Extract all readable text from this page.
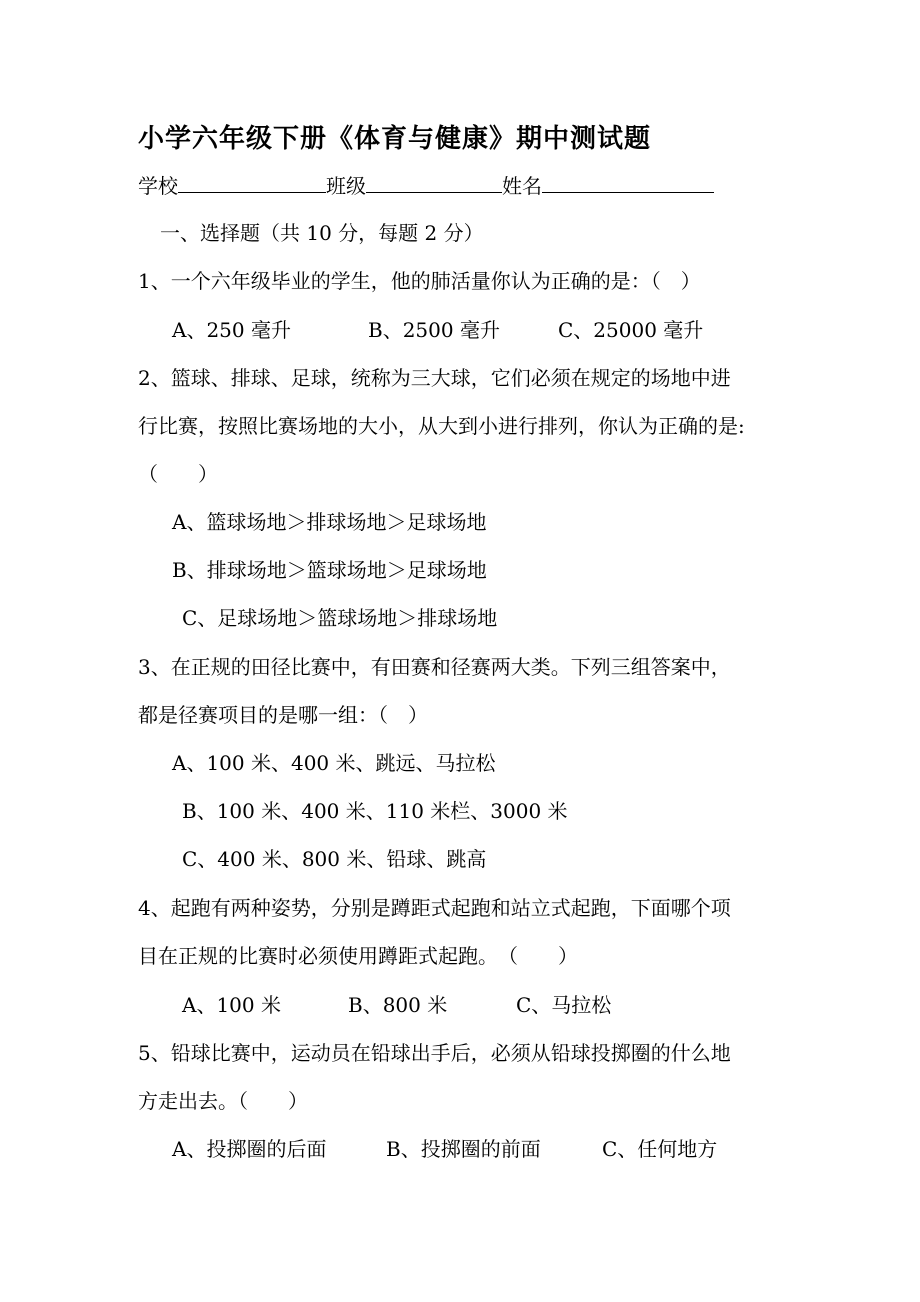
小学六年级下册《体育与健康》期中测试题
学校	班级	姓名
一、选择题（共 10 分，每题 2 分）
1、一个六年级毕业的学生，他的肺活量你认为正确的是：（　）
A、250 毫升	B、2500 毫升	C、25000 毫升
2、篮球、排球、足球，统称为三大球，它们必须在规定的场地中进
行比赛，按照比赛场地的大小，从大到小进行排列，你认为正确的是:
（　　）
A、篮球场地＞排球场地＞足球场地
B、排球场地＞篮球场地＞足球场地
C、足球场地＞篮球场地＞排球场地
3、在正规的田径比赛中，有田赛和径赛两大类。下列三组答案中，
都是径赛项目的是哪一组：（　）
A、100 米、400 米、跳远、马拉松
B、100 米、400 米、110 米栏、3000 米
C、400 米、800 米、铅球、跳高
4、起跑有两种姿势，分别是蹲距式起跑和站立式起跑，下面哪个项
目在正规的比赛时必须使用蹲距式起跑。　（　　）
A、100 米	B、800 米	C、马拉松
5、铅球比赛中，运动员在铅球出手后，必须从铅球投掷圈的什么地
方走出去。（　　）
A、投掷圈的后面	B、投掷圈的前面	C、任何地方
